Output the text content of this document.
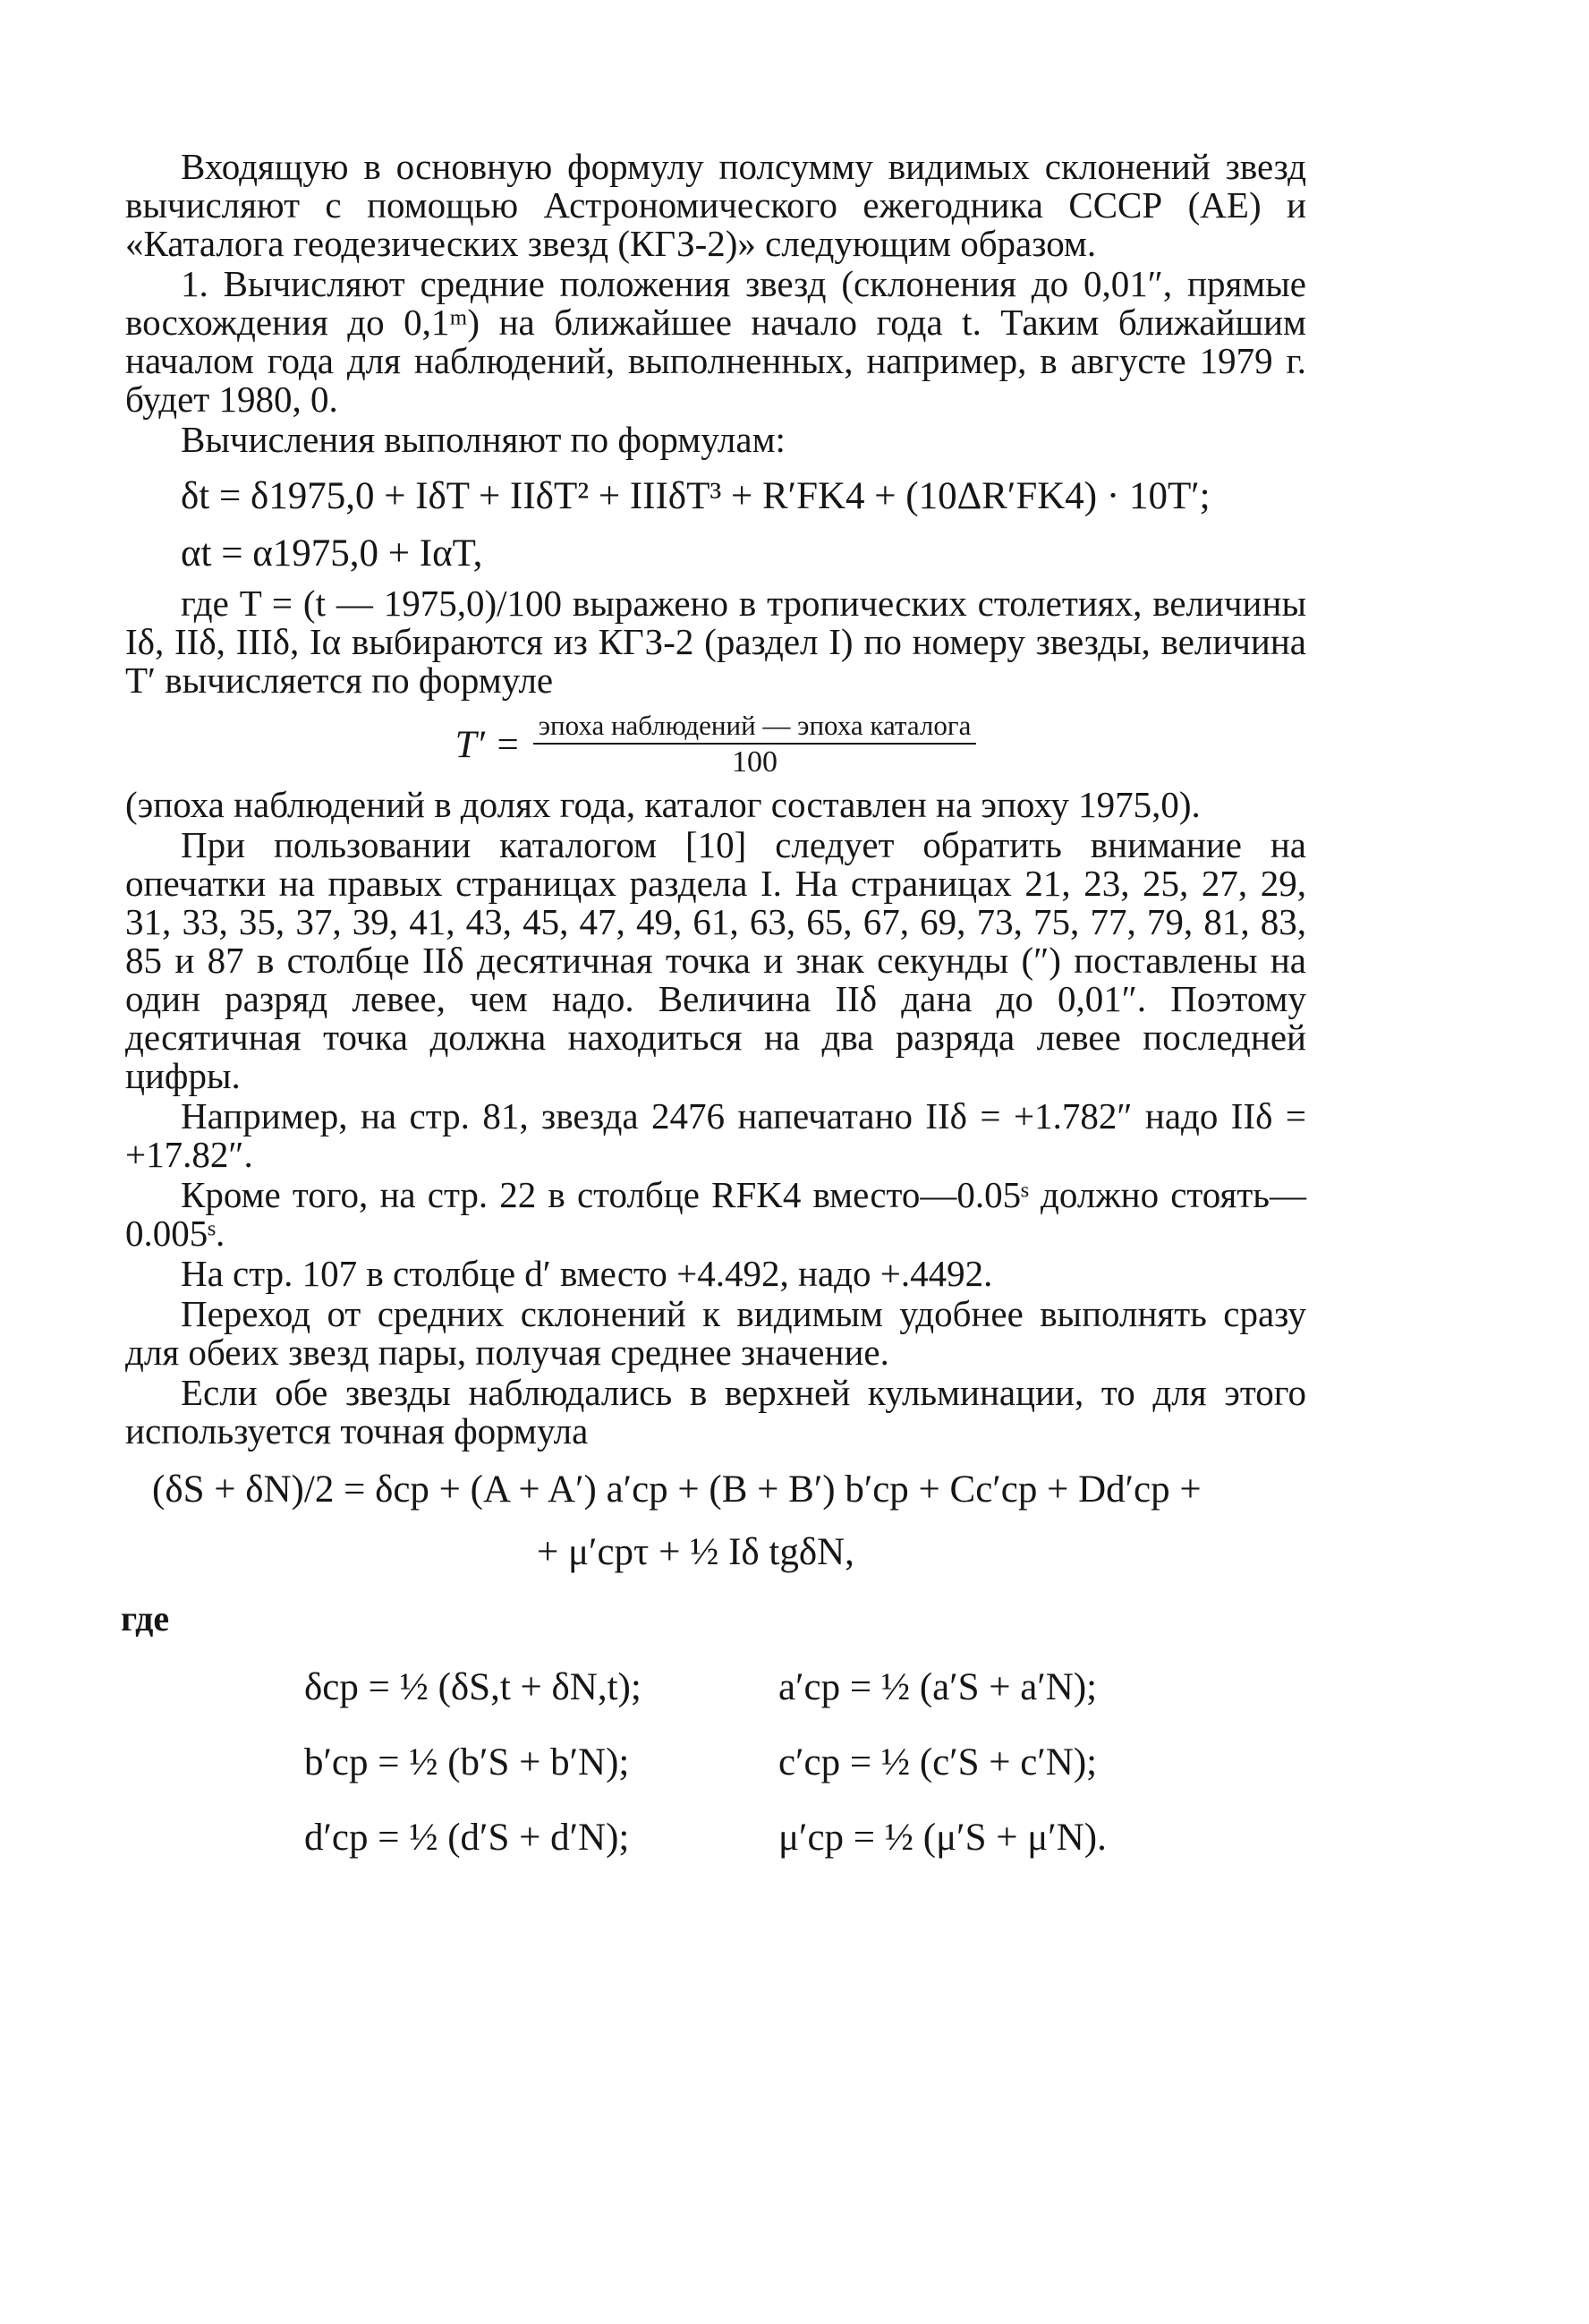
Входящую в основную формулу полсумму видимых склонений звезд вычисляют с помощью Астрономического ежегодника СССР (АЕ) и «Каталога геодезических звезд (КГЗ-2)» следующим образом.

1. Вычисляют средние положения звезд (склонения до 0,01″, прямые восхождения до 0,1ᵐ) на ближайшее начало года t. Таким ближайшим началом года для наблюдений, выполненных, например, в августе 1979 г. будет 1980, 0.

Вычисления выполняют по формулам:

δt = δ1975,0 + IδT + IIδT² + IIIδT³ + R′FK4 + (10ΔR′FK4) · 10T′;
αt = α1975,0 + IαT,

где T = (t — 1975,0)/100 выражено в тропических столетиях, величины Iδ, IIδ, IIIδ, Iα выбираются из КГЗ-2 (раздел I) по номеру звезды, величина T′ вычисляется по формуле

$T' = \frac{\text{эпоха наблюдений — эпоха каталога}}{100}$

(эпоха наблюдений в долях года, каталог составлен на эпоху 1975,0).

При пользовании каталогом [10] следует обратить внимание на опечатки на правых страницах раздела I. На страницах 21, 23, 25, 27, 29, 31, 33, 35, 37, 39, 41, 43, 45, 47, 49, 61, 63, 65, 67, 69, 73, 75, 77, 79, 81, 83, 85 и 87 в столбце IIδ десятичная точка и знак секунды (″) поставлены на один разряд левее, чем надо. Величина IIδ дана до 0,01″. Поэтому десятичная точка должна находиться на два разряда левее последней цифры.

Например, на стр. 81, звезда 2476 напечатано IIδ = +1.782″ надо IIδ = +17.82″.

Кроме того, на стр. 22 в столбце RFK4 вместо—0.05ˢ должно стоять—0.005ˢ.

На стр. 107 в столбце d′ вместо +4.492, надо +.4492.

Переход от средних склонений к видимым удобнее выполнять сразу для обеих звезд пары, получая среднее значение.

Если обе звезды наблюдались в верхней кульминации, то для этого используется точная формула

(δS + δN)/2 = δср + (A + A′) a′ср + (B + B′) b′ср + Cc′ср + Dd′ср +
+ μ′срτ + ½ Iδ tgδN,
где
δср = ½ (δS,t + δN,t);	a′ср = ½ (a′S + a′N);
b′ср = ½ (b′S + b′N);	c′ср = ½ (c′S + c′N);
d′ср = ½ (d′S + d′N);	μ′ср = ½ (μ′S + μ′N).
